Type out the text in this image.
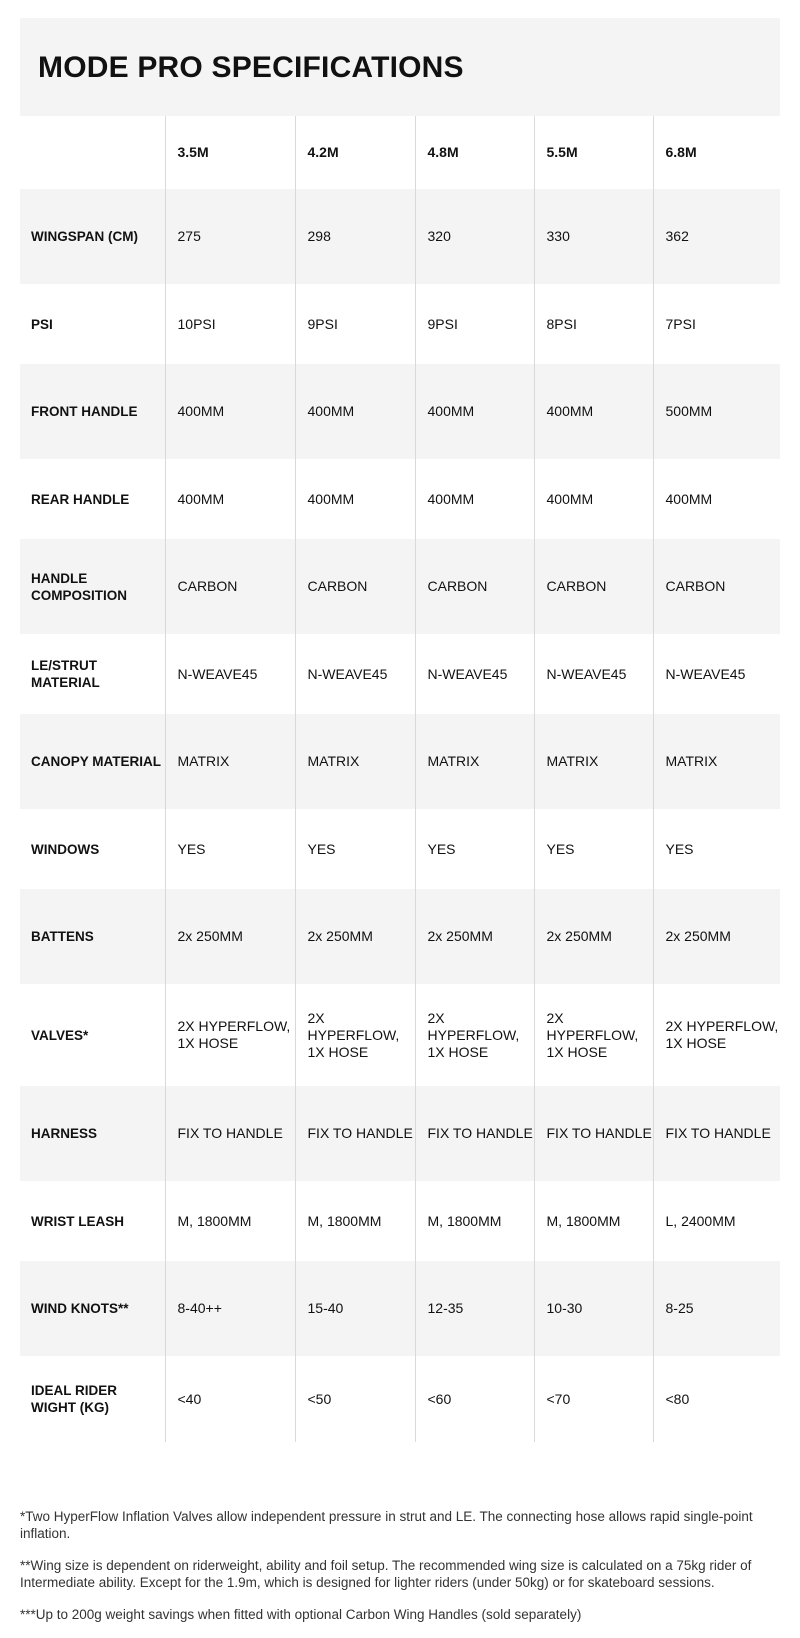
MODE PRO SPECIFICATIONS
	3.5M	4.2M	4.8M	5.5M	6.8M
WINGSPAN (CM)	275	298	320	330	362
PSI	10PSI	9PSI	9PSI	8PSI	7PSI
FRONT HANDLE	400MM	400MM	400MM	400MM	500MM
REAR HANDLE	400MM	400MM	400MM	400MM	400MM
HANDLE COMPOSITION	CARBON	CARBON	CARBON	CARBON	CARBON
LE/STRUT MATERIAL	N-WEAVE45	N-WEAVE45	N-WEAVE45	N-WEAVE45	N-WEAVE45
CANOPY MATERIAL	MATRIX	MATRIX	MATRIX	MATRIX	MATRIX
WINDOWS	YES	YES	YES	YES	YES
BATTENS	2x 250MM	2x 250MM	2x 250MM	2x 250MM	2x 250MM
VALVES*	2X HYPERFLOW, 1X HOSE	2X HYPERFLOW, 1X HOSE	2X HYPERFLOW, 1X HOSE	2X HYPERFLOW, 1X HOSE	2X HYPERFLOW, 1X HOSE
HARNESS	FIX TO HANDLE	FIX TO HANDLE	FIX TO HANDLE	FIX TO HANDLE	FIX TO HANDLE
WRIST LEASH	M, 1800MM	M, 1800MM	M, 1800MM	M, 1800MM	L, 2400MM
WIND KNOTS**	8-40++	15-40	12-35	10-30	8-25
IDEAL RIDER WIGHT (KG)	<40	<50	<60	<70	<80

*Two HyperFlow Inflation Valves allow independent pressure in strut and LE. The connecting hose allows rapid single-point inflation.

**Wing size is dependent on riderweight, ability and foil setup. The recommended wing size is calculated on a 75kg rider of Intermediate ability. Except for the 1.9m, which is designed for lighter riders (under 50kg) or for skateboard sessions.

***Up to 200g weight savings when fitted with optional Carbon Wing Handles (sold separately)
